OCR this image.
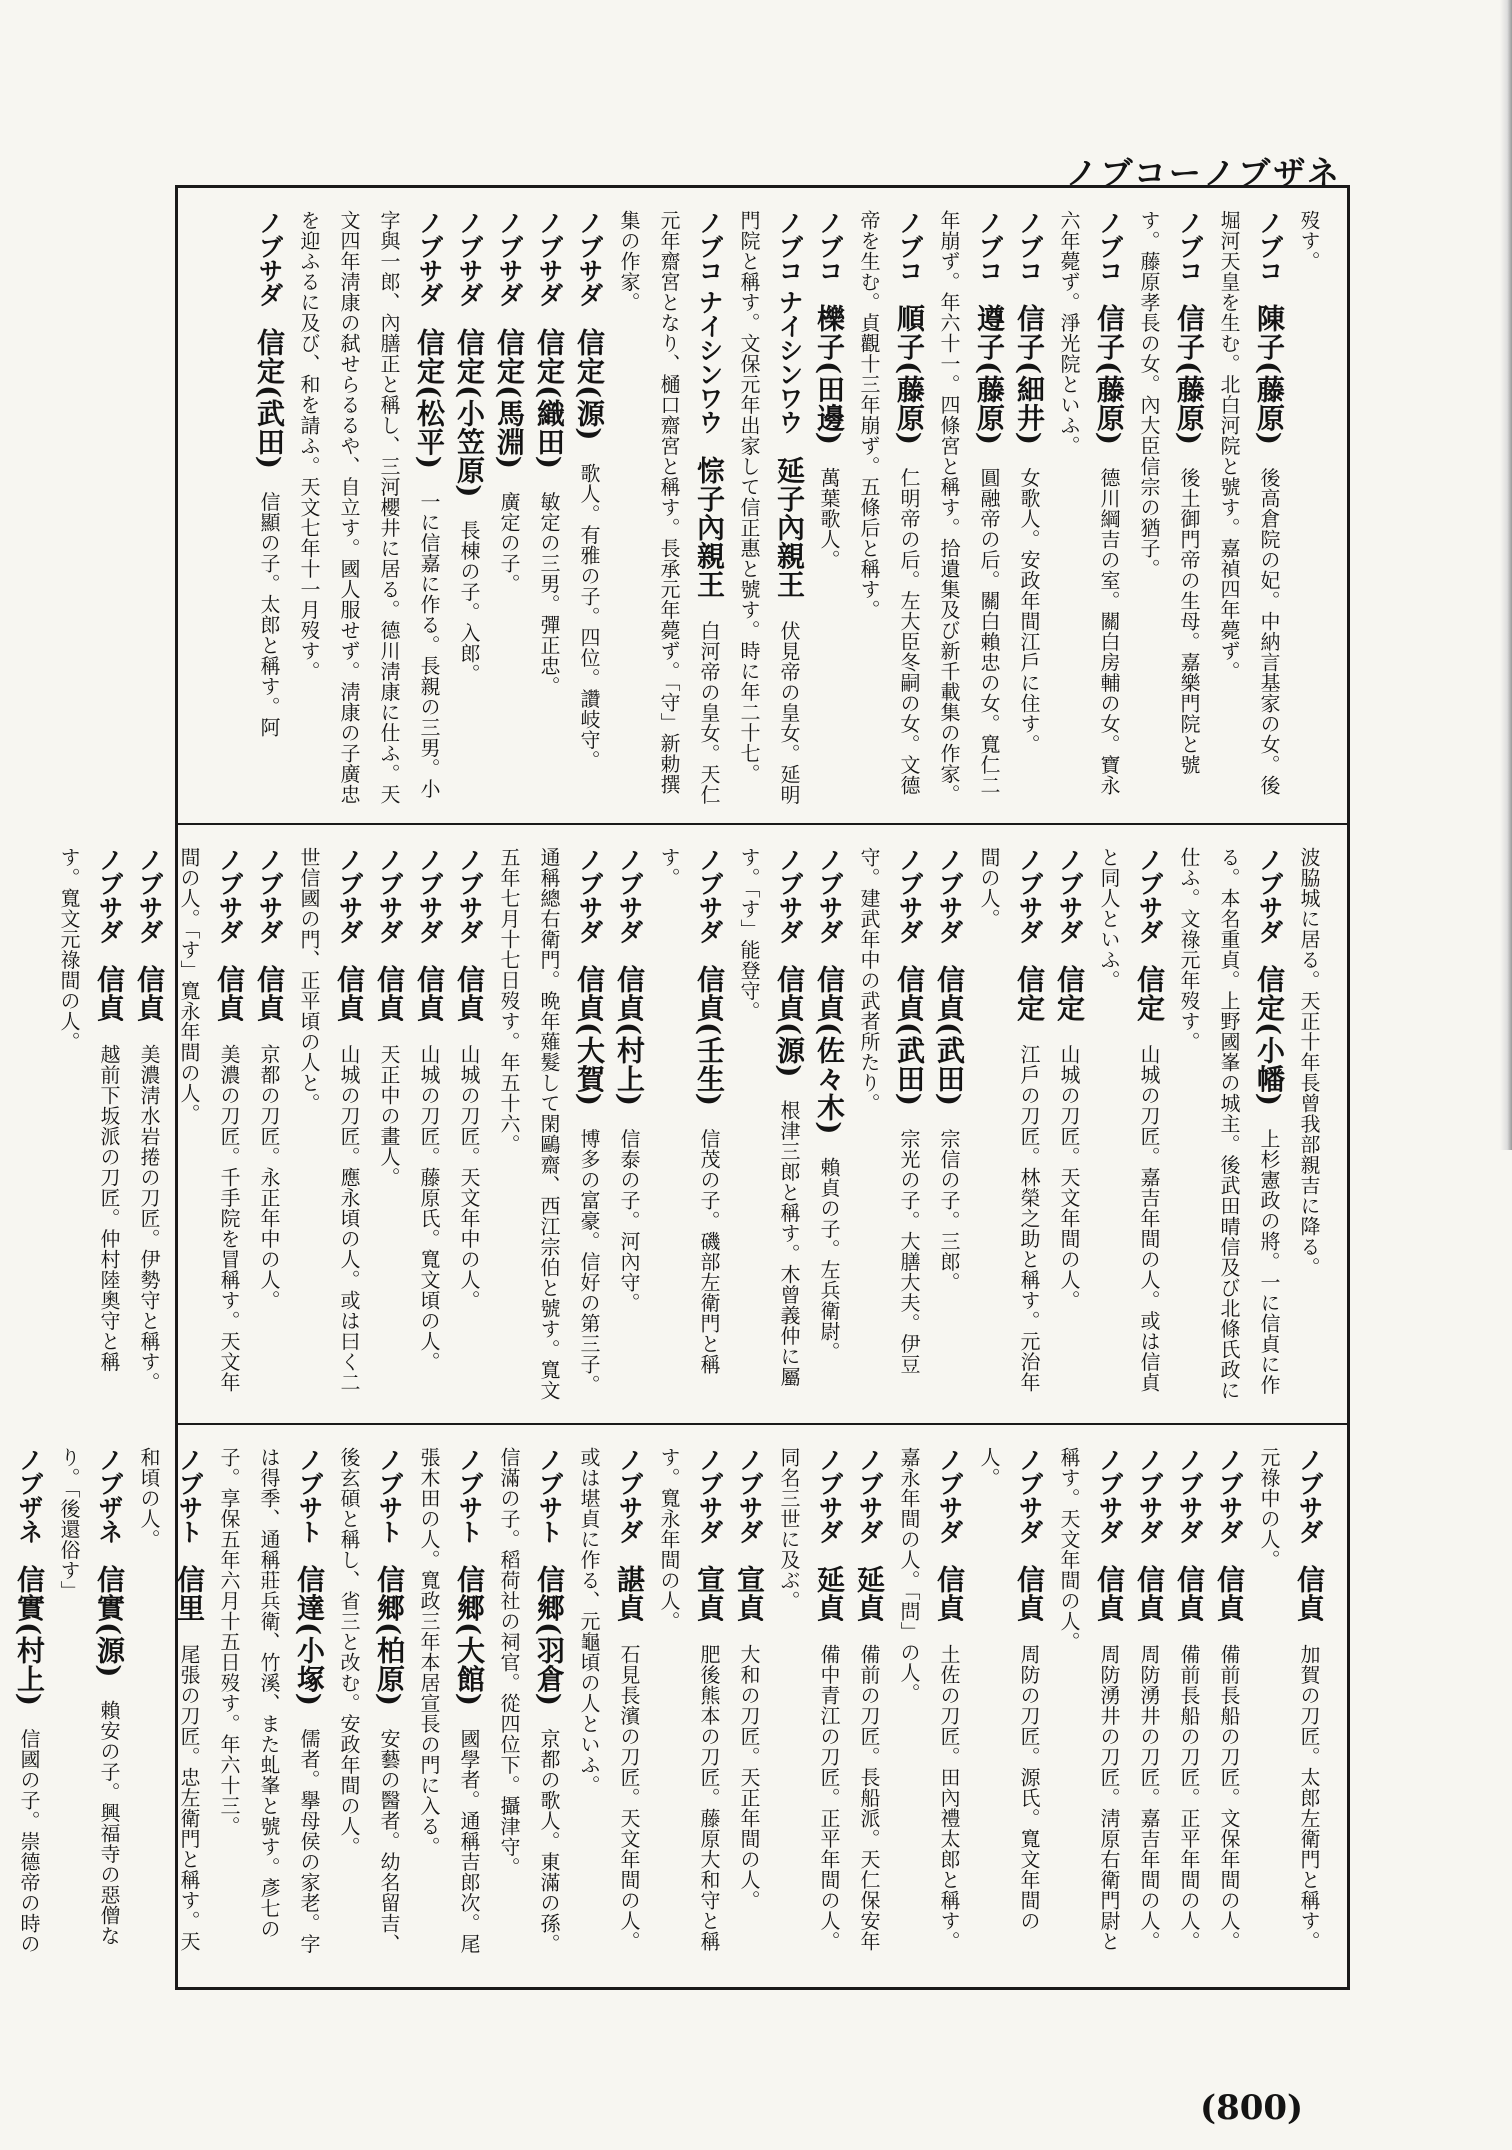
ノブコーノブザネ
歿す。
ノブコ　陳子(藤原)　後高倉院の妃。中納言基家の女。後堀河天皇を生む。北白河院と號す。嘉禎四年薨ず。
ノブコ　信子(藤原)　後土御門帝の生母。嘉樂門院と號す。藤原孝長の女。內大臣信宗の猶子。
ノブコ　信子(藤原)　德川綱吉の室。關白房輔の女。寶永六年薨ず。淨光院といふ。
ノブコ　信子(細井)　女歌人。安政年間江戶に住す。
ノブコ　遵子(藤原)　圓融帝の后。關白賴忠の女。寬仁二年崩ず。年六十一。四條宮と稱す。拾遺集及び新千載集の作家。
ノブコ　順子(藤原)　仁明帝の后。左大臣冬嗣の女。文德帝を生む。貞觀十三年崩ず。五條后と稱す。
ノブコ　櫟子(田邊)　萬葉歌人。
ノブコ ナイシンワウ　延子內親王　伏見帝の皇女。延明門院と稱す。文保元年出家して信正惠と號す。時に年二十七。
ノブコ ナイシンワウ　悰子內親王　白河帝の皇女。天仁元年齋宮となり、樋口齋宮と稱す。長承元年薨ず。「守」新勅撰集の作家。
ノブサダ　信定(源)　歌人。有雅の子。四位。讚岐守。
ノブサダ　信定(織田)　敏定の三男。彈正忠。
ノブサダ　信定(馬淵)　廣定の子。
ノブサダ　信定(小笠原)　長棟の子。入郎。
ノブサダ　信定(松平)　一に信嘉に作る。長親の三男。小字與一郎、內膳正と稱し、三河櫻井に居る。德川淸康に仕ふ。天文四年淸康の弑せらるるや、自立す。國人服せず。淸康の子廣忠を迎ふるに及び、和を請ふ。天文七年十一月歿す。
ノブサダ　信定(武田)　信顯の子。太郎と稱す。阿
波脇城に居る。天正十年長曾我部親吉に降る。
ノブサダ　信定(小幡)　上杉憲政の將。一に信貞に作る。本名重貞。上野國峯の城主。後武田晴信及び北條氏政に仕ふ。文祿元年歿す。
ノブサダ　信定　山城の刀匠。嘉吉年間の人。或は信貞と同人といふ。
ノブサダ　信定　山城の刀匠。天文年間の人。
ノブサダ　信定　江戶の刀匠。林榮之助と稱す。元治年間の人。
ノブサダ　信貞(武田)　宗信の子。三郎。
ノブサダ　信貞(武田)　宗光の子。大膳大夫。伊豆守。建武年中の武者所たり。
ノブサダ　信貞(佐々木)　賴貞の子。左兵衛尉。
ノブサダ　信貞(源)　根津三郎と稱す。木曾義仲に屬す。「す」能登守。
ノブサダ　信貞(壬生)　信茂の子。磯部左衛門と稱す。
ノブサダ　信貞(村上)　信泰の子。河內守。
ノブサダ　信貞(大賀)　博多の富豪。信好の第三子。通稱總右衛門。晩年薙髮して閑鷗齋、西江宗伯と號す。寬文五年七月十七日歿す。年五十六。
ノブサダ　信貞　山城の刀匠。天文年中の人。
ノブサダ　信貞　山城の刀匠。藤原氏。寬文頃の人。
ノブサダ　信貞　天正中の畫人。
ノブサダ　信貞　山城の刀匠。應永頃の人。或は曰く二世信國の門、正平頃の人と。
ノブサダ　信貞　京都の刀匠。永正年中の人。
ノブサダ　信貞　美濃の刀匠。千手院を冒稱す。天文年間の人。「す」寬永年間の人。
ノブサダ　信貞　美濃淸水岩捲の刀匠。伊勢守と稱す。
ノブサダ　信貞　越前下坂派の刀匠。仲村陸奧守と稱す。寬文元祿間の人。
ノブサダ　信貞　加賀の刀匠。太郎左衛門と稱す。元祿中の人。
ノブサダ　信貞　備前長船の刀匠。文保年間の人。
ノブサダ　信貞　備前長船の刀匠。正平年間の人。
ノブサダ　信貞　周防湧井の刀匠。嘉吉年間の人。
ノブサダ　信貞　周防湧井の刀匠。淸原右衛門尉と稱す。天文年間の人。
ノブサダ　信貞　周防の刀匠。源氏。寬文年間の人。
ノブサダ　信貞　土佐の刀匠。田內禮太郎と稱す。嘉永年間の人。「問」の人。
ノブサダ　延貞　備前の刀匠。長船派。天仁保安年
ノブサダ　延貞　備中青江の刀匠。正平年間の人。同名三世に及ぶ。
ノブサダ　宣貞　大和の刀匠。天正年間の人。
ノブサダ　宣貞　肥後熊本の刀匠。藤原大和守と稱す。寬永年間の人。
ノブサダ　諶貞　石見長濱の刀匠。天文年間の人。或は堪貞に作る、元龜頃の人といふ。
ノブサト　信郷(羽倉)　京都の歌人。東滿の孫。信滿の子。稻荷社の祠官。從四位下。攝津守。
ノブサト　信郷(大館)　國學者。通稱吉郎次。尾張木田の人。寬政三年本居宣長の門に入る。
ノブサト　信郷(柏原)　安藝の醫者。幼名留吉、後玄碩と稱し、省三と改む。安政年間の人。
ノブサト　信達(小塚)　儒者。擧母侯の家老。字は得季、通稱莊兵衛、竹溪、また虬峯と號す。彥七の子。享保五年六月十五日歿す。年六十三。
ノブサト　信里　尾張の刀匠。忠左衛門と稱す。天和頃の人。
ノブザネ　信實(源)　賴安の子。興福寺の惡僧なり。「後還俗す」
ノブザネ　信實(村上)　信國の子。崇德帝の時の
(800)
